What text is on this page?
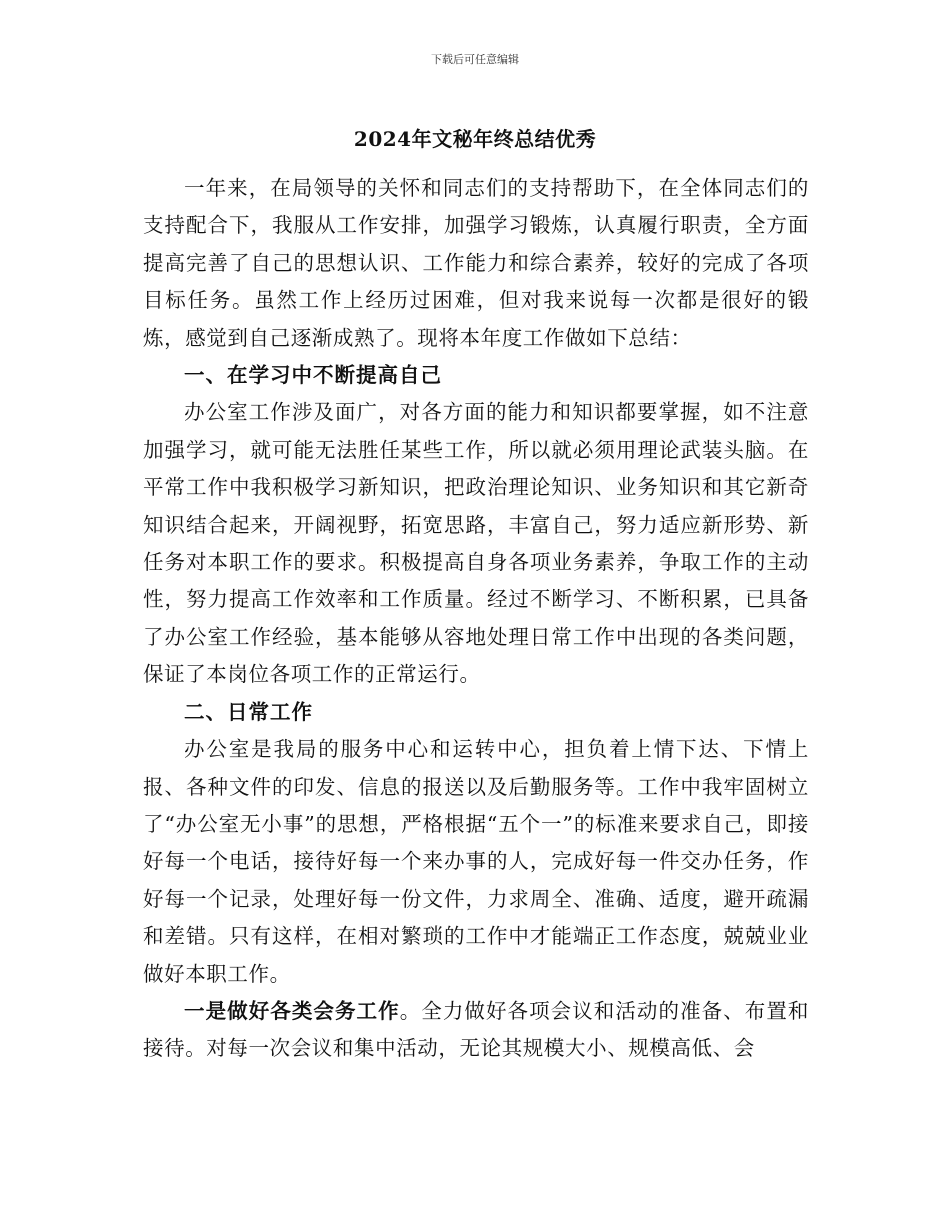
下载后可任意编辑
2024年文秘年终总结优秀

一年来，在局领导的关怀和同志们的支持帮助下，在全体同志们的支持配合下，我服从工作安排，加强学习锻炼，认真履行职责，全方面提高完善了自己的思想认识、工作能力和综合素养，较好的完成了各项目标任务。虽然工作上经历过困难，但对我来说每一次都是很好的锻炼，感觉到自己逐渐成熟了。现将本年度工作做如下总结：

一、在学习中不断提高自己

办公室工作涉及面广，对各方面的能力和知识都要掌握，如不注意加强学习，就可能无法胜任某些工作，所以就必须用理论武装头脑。在平常工作中我积极学习新知识，把政治理论知识、业务知识和其它新奇知识结合起来，开阔视野，拓宽思路，丰富自己，努力适应新形势、新任务对本职工作的要求。积极提高自身各项业务素养，争取工作的主动性，努力提高工作效率和工作质量。经过不断学习、不断积累，已具备了办公室工作经验，基本能够从容地处理日常工作中出现的各类问题，保证了本岗位各项工作的正常运行。

二、日常工作

办公室是我局的服务中心和运转中心，担负着上情下达、下情上报、各种文件的印发、信息的报送以及后勤服务等。工作中我牢固树立了“办公室无小事”的思想，严格根据“五个一”的标准来要求自己，即接好每一个电话，接待好每一个来办事的人，完成好每一件交办任务，作好每一个记录，处理好每一份文件，力求周全、准确、适度，避开疏漏和差错。只有这样，在相对繁琐的工作中才能端正工作态度，兢兢业业做好本职工作。

一是做好各类会务工作。全力做好各项会议和活动的准备、布置和接待。对每一次会议和集中活动，无论其规模大小、规模高低、会
